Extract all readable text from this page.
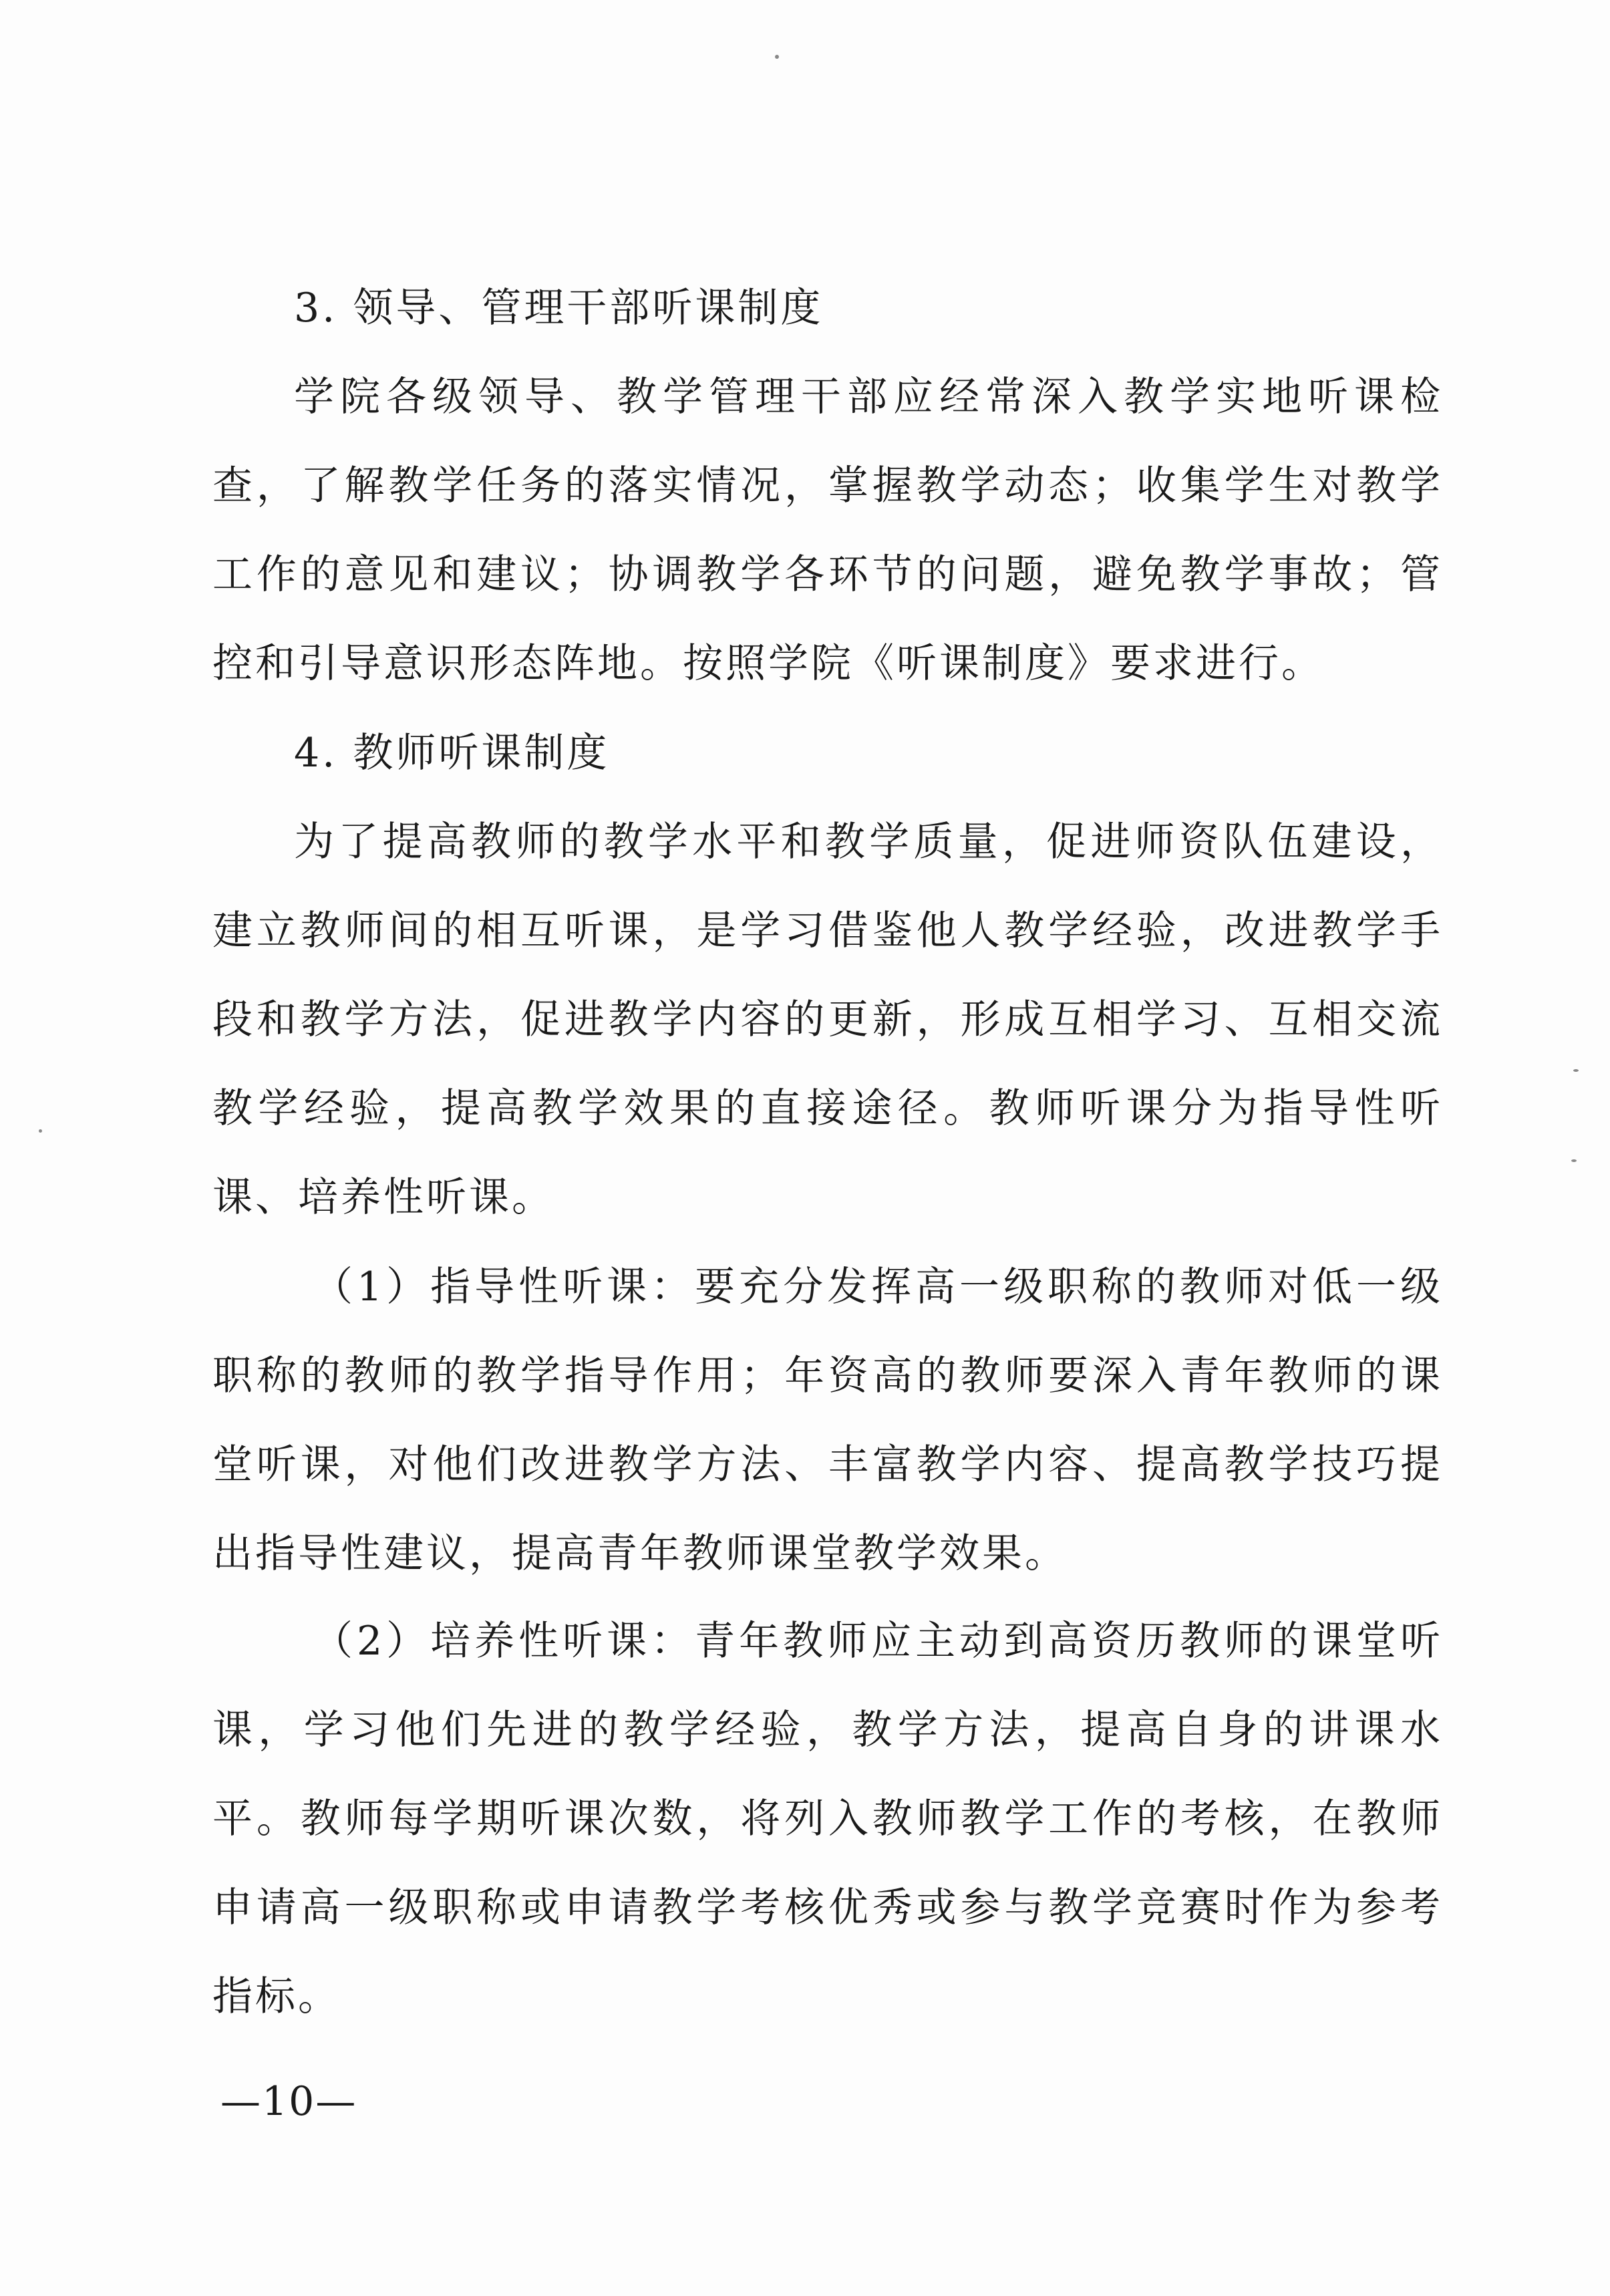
3. 领导、管理干部听课制度

学院各级领导、教学管理干部应经常深入教学实地听课检查，了解教学任务的落实情况，掌握教学动态；收集学生对教学工作的意见和建议；协调教学各环节的问题，避免教学事故；管控和引导意识形态阵地。按照学院《听课制度》要求进行。

4. 教师听课制度

为了提高教师的教学水平和教学质量，促进师资队伍建设，建立教师间的相互听课，是学习借鉴他人教学经验，改进教学手段和教学方法，促进教学内容的更新，形成互相学习、互相交流教学经验，提高教学效果的直接途径。教师听课分为指导性听课、培养性听课。

（1）指导性听课：要充分发挥高一级职称的教师对低一级职称的教师的教学指导作用；年资高的教师要深入青年教师的课堂听课，对他们改进教学方法、丰富教学内容、提高教学技巧提出指导性建议，提高青年教师课堂教学效果。

（2）培养性听课：青年教师应主动到高资历教师的课堂听课，学习他们先进的教学经验，教学方法，提高自身的讲课水平。教师每学期听课次数，将列入教师教学工作的考核，在教师申请高一级职称或申请教学考核优秀或参与教学竞赛时作为参考指标。

—10—
